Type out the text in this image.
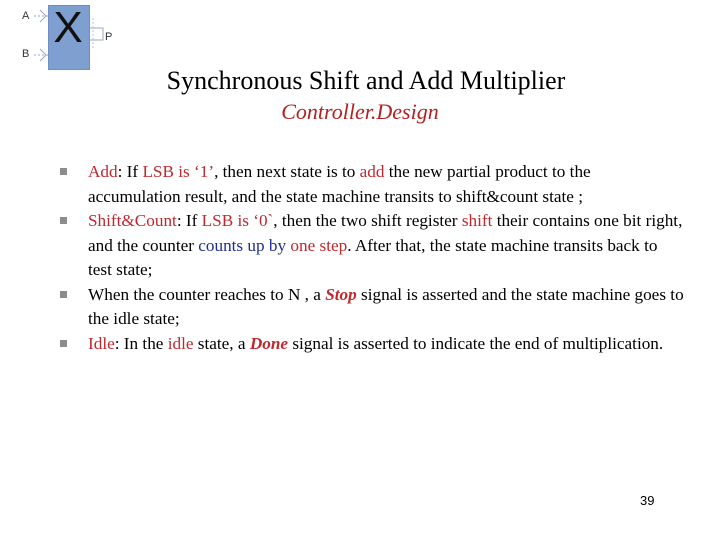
X
A
B
P
Synchronous Shift and Add Multiplier
Controller.Design
Add: If LSB is ‘1’, then next state is to add the new partial product to the accumulation result, and the state machine transits to shift&count state ;
Shift&Count: If LSB is ‘0`, then the two shift register shift their contains one bit right, and the counter counts up by one step. After that, the state machine transits back to test state;
When the counter reaches to N , a Stop signal is asserted and the state machine goes to the idle state;
Idle: In the idle state, a Done signal is asserted to indicate the end of multiplication.
39
